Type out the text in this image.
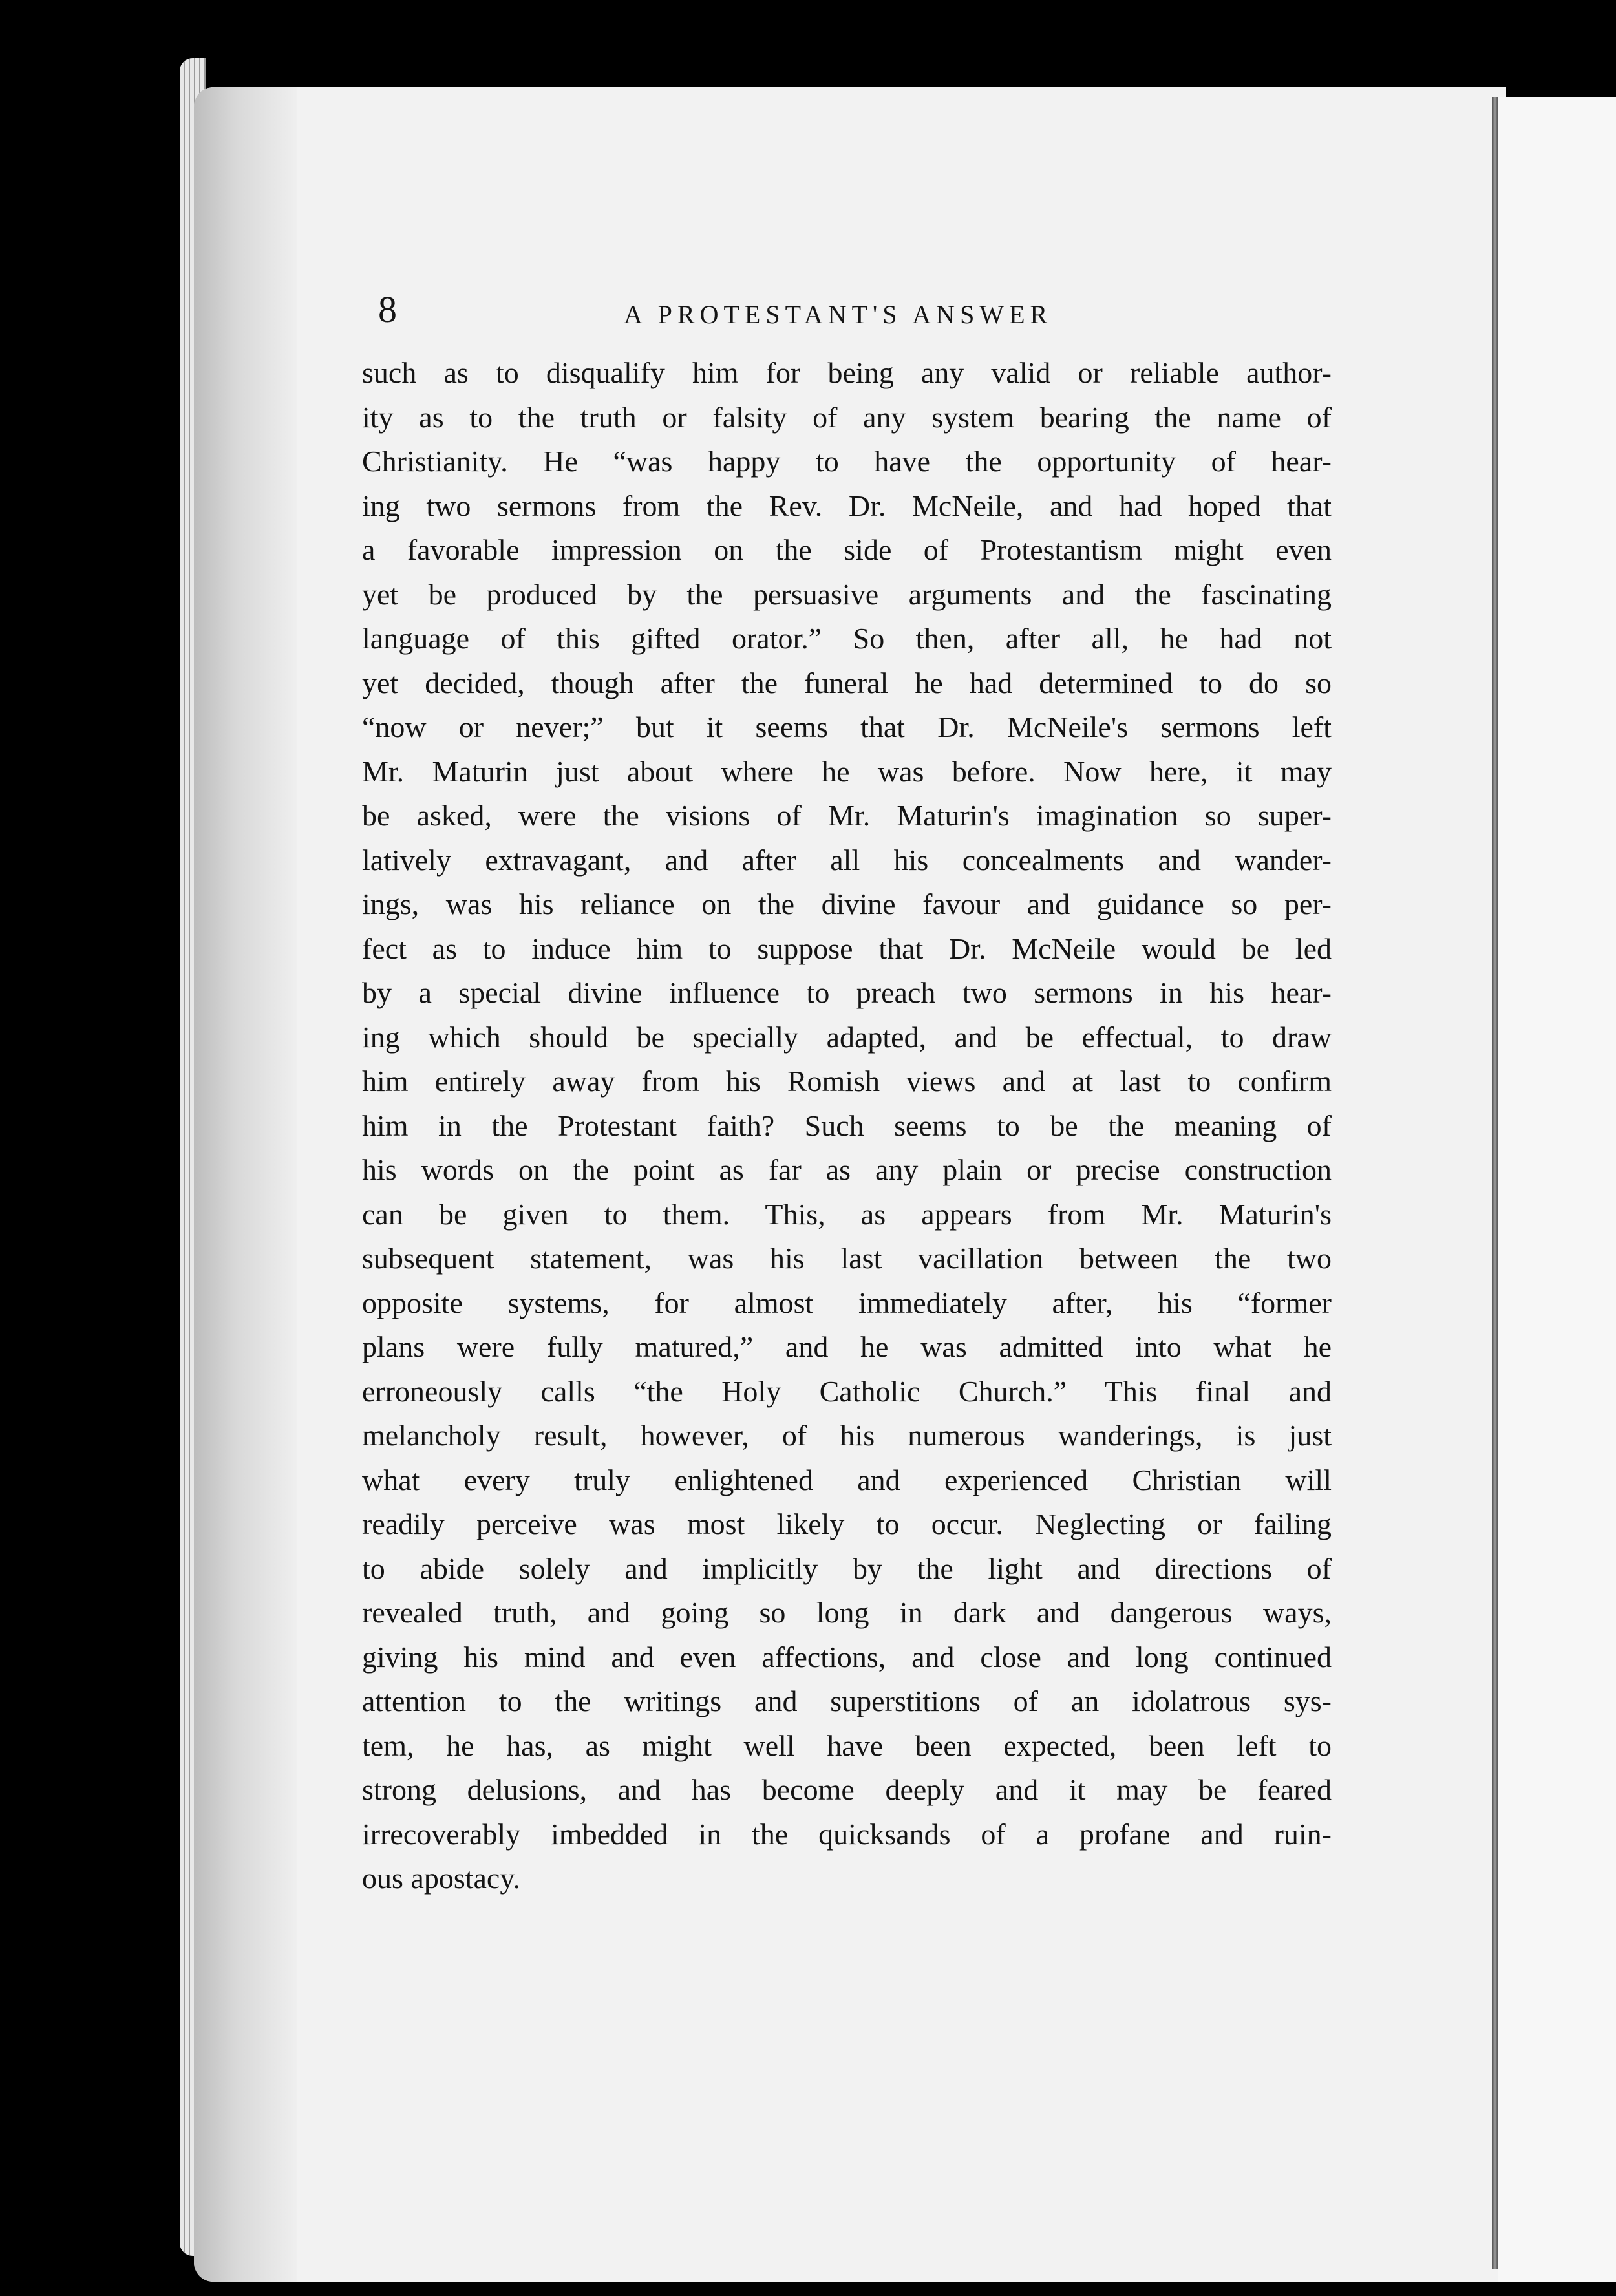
8	A PROTESTANT'S ANSWER
such as to disqualify him for being any valid or reliable author-
ity as to the truth or falsity of any system bearing the name of
Christianity. He “was happy to have the opportunity of hear-
ing two sermons from the Rev. Dr. McNeile, and had hoped that
a favorable impression on the side of Protestantism might even
yet be produced by the persuasive arguments and the fascinating
language of this gifted orator.” So then, after all, he had not
yet decided, though after the funeral he had determined to do so
“now or never;” but it seems that Dr. McNeile's sermons left
Mr. Maturin just about where he was before. Now here, it may
be asked, were the visions of Mr. Maturin's imagination so super-
latively extravagant, and after all his concealments and wander-
ings, was his reliance on the divine favour and guidance so per-
fect as to induce him to suppose that Dr. McNeile would be led
by a special divine influence to preach two sermons in his hear-
ing which should be specially adapted, and be effectual, to draw
him entirely away from his Romish views and at last to confirm
him in the Protestant faith? Such seems to be the meaning of
his words on the point as far as any plain or precise construction
can be given to them. This, as appears from Mr. Maturin's
subsequent statement, was his last vacillation between the two
opposite systems, for almost immediately after, his “former
plans were fully matured,” and he was admitted into what he
erroneously calls “the Holy Catholic Church.” This final and
melancholy result, however, of his numerous wanderings, is just
what every truly enlightened and experienced Christian will
readily perceive was most likely to occur. Neglecting or failing
to abide solely and implicitly by the light and directions of
revealed truth, and going so long in dark and dangerous ways,
giving his mind and even affections, and close and long continued
attention to the writings and superstitions of an idolatrous sys-
tem, he has, as might well have been expected, been left to
strong delusions, and has become deeply and it may be feared
irrecoverably imbedded in the quicksands of a profane and ruin-
ous apostacy.
